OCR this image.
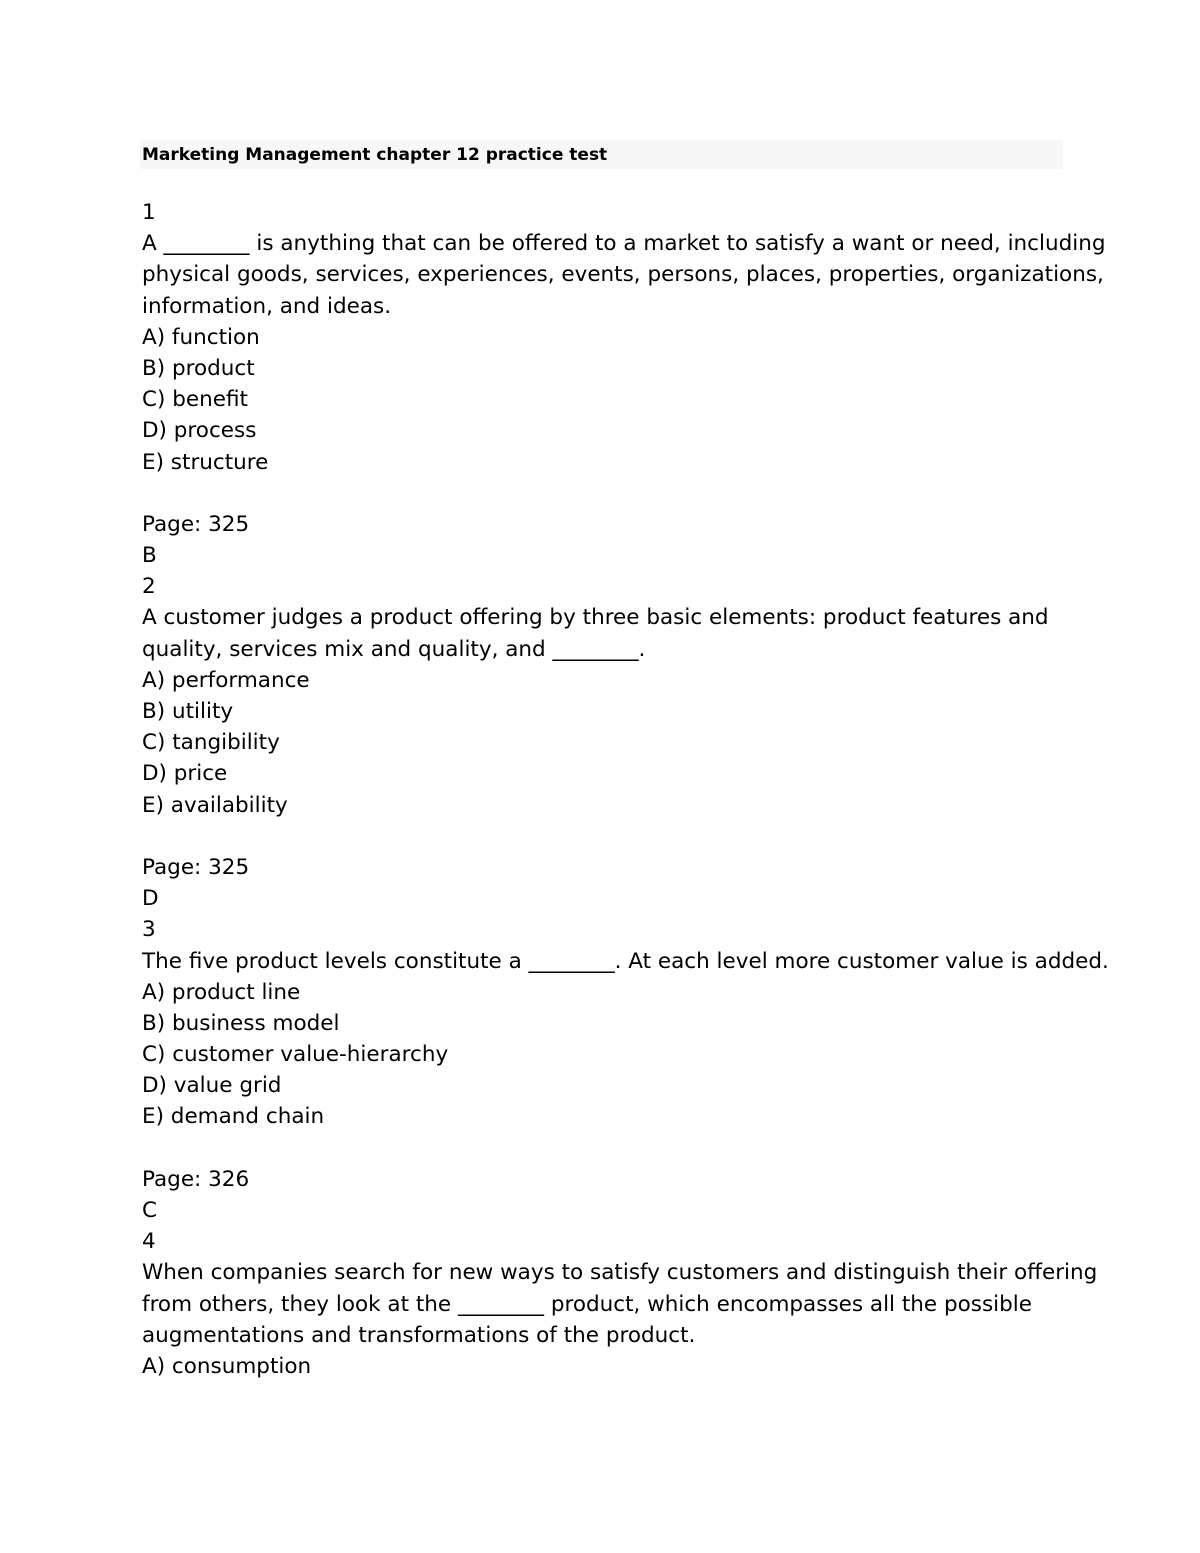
Marketing Management chapter 12 practice test
1
A ________ is anything that can be offered to a market to satisfy a want or need, including
physical goods, services, experiences, events, persons, places, properties, organizations,
information, and ideas.
A) function
B) product
C) benefit
D) process
E) structure
Page: 325
B
2
A customer judges a product offering by three basic elements: product features and
quality, services mix and quality, and ________.
A) performance
B) utility
C) tangibility
D) price
E) availability
Page: 325
D
3
The five product levels constitute a ________. At each level more customer value is added.
A) product line
B) business model
C) customer value-hierarchy
D) value grid
E) demand chain
Page: 326
C
4
When companies search for new ways to satisfy customers and distinguish their offering
from others, they look at the ________ product, which encompasses all the possible
augmentations and transformations of the product.
A) consumption
